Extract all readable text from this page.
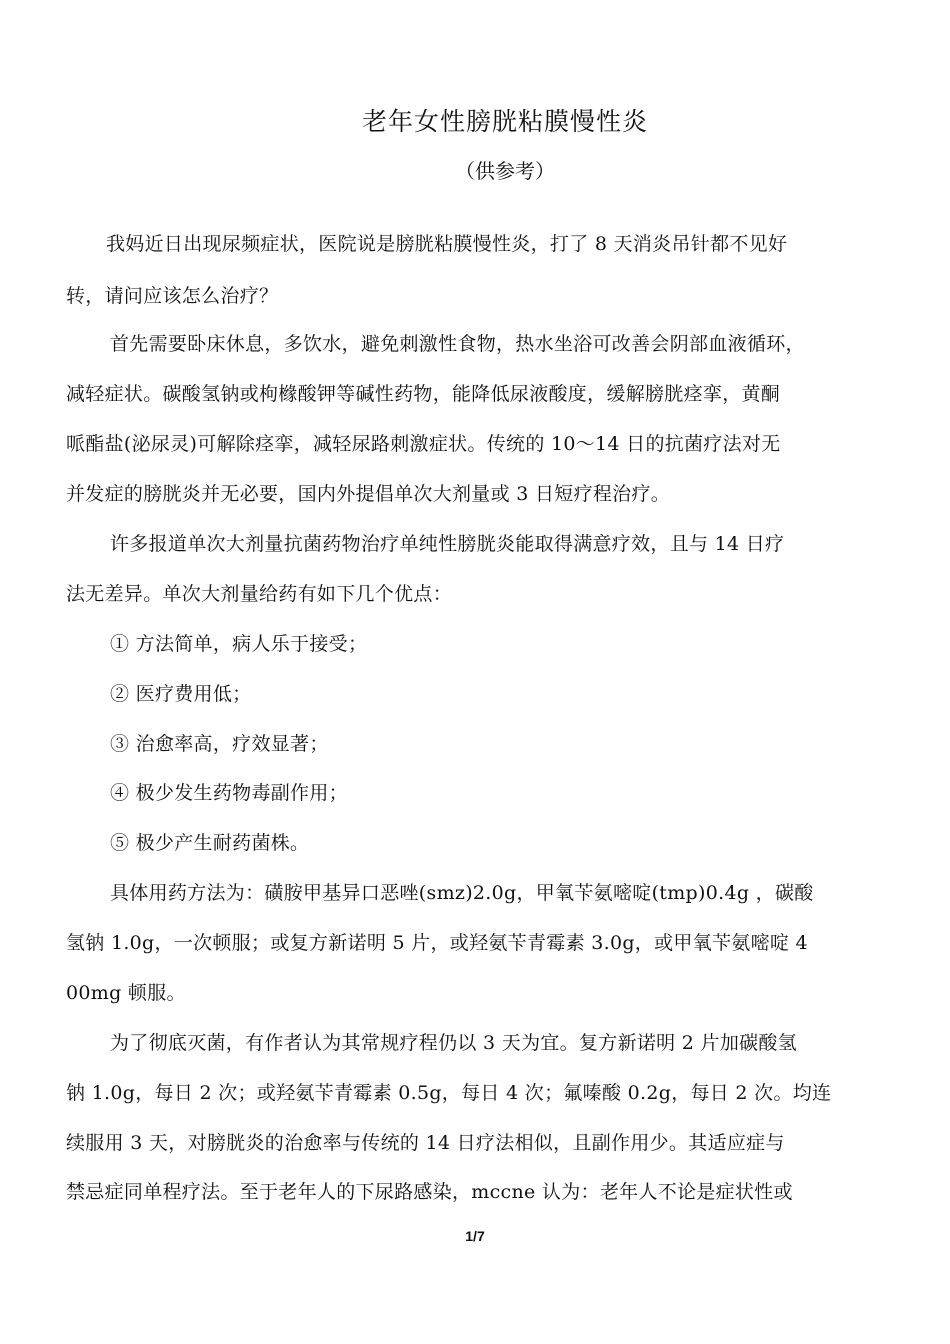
老年女性膀胱粘膜慢性炎
（供参考）
我妈近日出现尿频症状，医院说是膀胱粘膜慢性炎，打了 8 天消炎吊针都不见好
转，请问应该怎么治疗？
首先需要卧床休息，多饮水，避免刺激性食物，热水坐浴可改善会阴部血液循环，
减轻症状。碳酸氢钠或枸橼酸钾等碱性药物，能降低尿液酸度，缓解膀胱痉挛，黄酮
哌酯盐(泌尿灵)可解除痉挛，减轻尿路刺激症状。传统的 10～14 日的抗菌疗法对无
并发症的膀胱炎并无必要，国内外提倡单次大剂量或 3 日短疗程治疗。
许多报道单次大剂量抗菌药物治疗单纯性膀胱炎能取得满意疗效，且与 14 日疗
法无差异。单次大剂量给药有如下几个优点：
① 方法简单，病人乐于接受；
② 医疗费用低；
③ 治愈率高，疗效显著；
④ 极少发生药物毒副作用；
⑤ 极少产生耐药菌株。
具体用药方法为：磺胺甲基异口恶唑(smz)2.0g，甲氧苄氨嘧啶(tmp)0.4g ，碳酸
氢钠 1.0g，一次顿服；或复方新诺明 5 片，或羟氨苄青霉素 3.0g，或甲氧苄氨嘧啶 4
00mg 顿服。
为了彻底灭菌，有作者认为其常规疗程仍以 3 天为宜。复方新诺明 2 片加碳酸氢
钠 1.0g，每日 2 次；或羟氨苄青霉素 0.5g，每日 4 次；氟嗪酸 0.2g，每日 2 次。均连
续服用 3 天，对膀胱炎的治愈率与传统的 14 日疗法相似，且副作用少。其适应症与
禁忌症同单程疗法。至于老年人的下尿路感染，mccne 认为：老年人不论是症状性或
1/7
